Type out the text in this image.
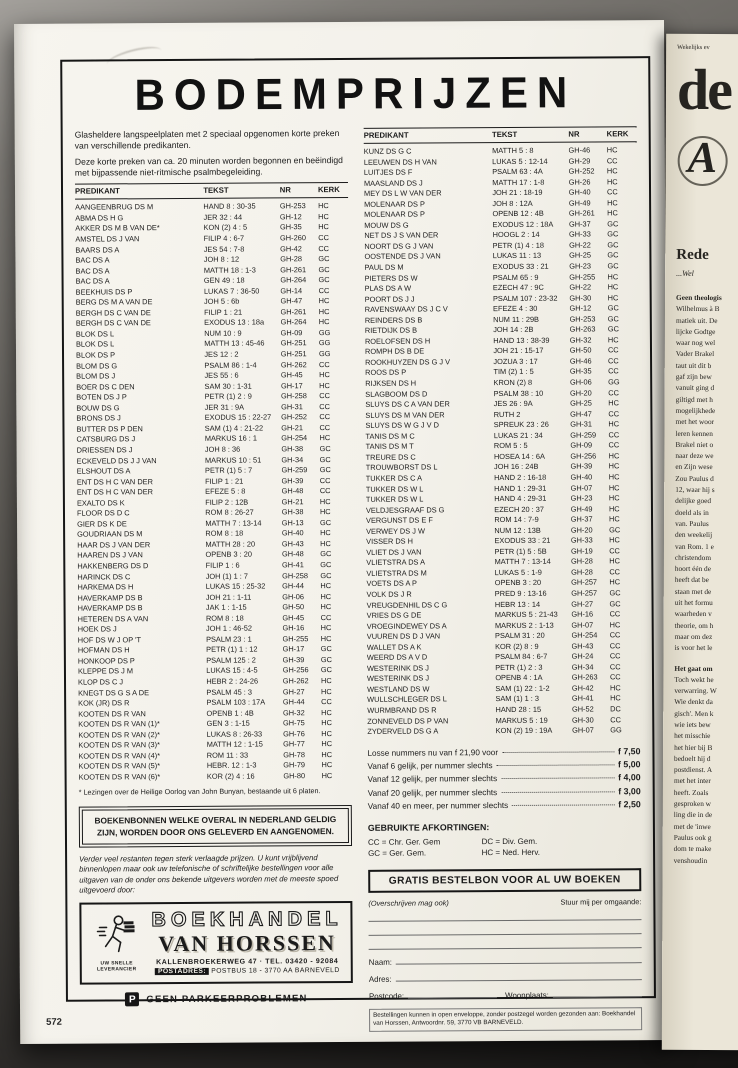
BODEMPRIJZEN

Glasheldere langspeelplaten met 2 speciaal opgenomen korte preken van verschillende predikanten.

Deze korte preken van ca. 20 minuten worden begonnen en beëindigd met bijpassende niet-ritmische psalmbegeleiding.

PREDIKANT	TEKST	NR	KERK
AANGEENBRUG DS M	HAND 8 : 30-35	GH-253	HC
ABMA DS H G	JER 32 : 44	GH-12	HC
AKKER DS M B VAN DE*	KON (2) 4 : 5	GH-35	HC
AMSTEL DS J VAN	FILIP 4 : 6-7	GH-260	CC
BAARS DS A	JES 54 : 7-8	GH-42	CC
BAC DS A	JOH 8 : 12	GH-28	GC
BAC DS A	MATTH 18 : 1-3	GH-261	GC
BAC DS A	GEN 49 : 18	GH-264	GC
BEEKHUIS DS P	LUKAS 7 : 36-50	GH-14	CC
BERG DS M A VAN DE	JOH 5 : 6b	GH-47	HC
BERGH DS C VAN DE	FILIP 1 : 21	GH-261	HC
BERGH DS C VAN DE	EXODUS 13 : 18a	GH-264	HC
BLOK DS L	NUM 10 : 9	GH-09	GG
BLOK DS L	MATTH 13 : 45-46	GH-251	GG
BLOK DS P	JES 12 : 2	GH-251	GG
BLOM DS G	PSALM 86 : 1-4	GH-262	CC
BLOM DS J	JES 55 : 6	GH-45	HC
BOER DS C DEN	SAM 30 : 1-31	GH-17	HC
BOTEN DS J P	PETR (1) 2 : 9	GH-258	CC
BOUW DS G	JER 31 : 9A	GH-31	CC
BRONS DS J	EXODUS 15 : 22-27	GH-252	CC
BUTTER DS P DEN	SAM (1) 4 : 21-22	GH-21	CC
CATSBURG DS J	MARKUS 16 : 1	GH-254	HC
DRIESSEN DS J	JOH 8 : 36	GH-38	GC
ECKEVELD DS J J VAN	MARKUS 10 : 51	GH-34	GC
ELSHOUT DS A	PETR (1) 5 : 7	GH-259	GC
ENT DS H C VAN DER	FILIP 1 : 21	GH-39	CC
ENT DS H C VAN DER	EFEZE 5 : 8	GH-48	CC
EXALTO DS K	FILIP 2 : 12B	GH-21	HC
FLOOR DS D C	ROM 8 : 26-27	GH-38	HC
GIER DS K DE	MATTH 7 : 13-14	GH-13	GC
GOUDRIAAN DS M	ROM 8 : 18	GH-40	HC
HAAR DS J VAN DER	MATTH 28 : 20	GH-43	HC
HAAREN DS J VAN	OPENB 3 : 20	GH-48	GC
HAKKENBERG DS D	FILIP 1 : 6	GH-41	GC
HARINCK DS C	JOH (1) 1 : 7	GH-258	GC
HARKEMA DS H	LUKAS 15 : 25-32	GH-44	HC
HAVERKAMP DS B	JOH 21 : 1-11	GH-06	HC
HAVERKAMP DS B	JAK 1 : 1-15	GH-50	HC
HETEREN DS A VAN	ROM 8 : 18	GH-45	CC
HOEK DS J	JOH 1 : 46-52	GH-16	HC
HOF DS W J OP 'T	PSALM 23 : 1	GH-255	HC
HOFMAN DS H	PETR (1) 1 : 12	GH-17	GC
HONKOOP DS P	PSALM 125 : 2	GH-39	GC
KLEPPE DS J M	LUKAS 15 : 4-5	GH-256	GC
KLOP DS C J	HEBR 2 : 24-26	GH-262	HC
KNEGT DS G S A DE	PSALM 45 : 3	GH-27	HC
KOK (JR) DS R	PSALM 103 : 17A	GH-44	CC
KOOTEN DS R VAN	OPENB 1 : 4B	GH-32	HC
KOOTEN DS R VAN (1)*	GEN 3 : 1-15	GH-75	HC
KOOTEN DS R VAN (2)*	LUKAS 8 : 26-33	GH-76	HC
KOOTEN DS R VAN (3)*	MATTH 12 : 1-15	GH-77	HC
KOOTEN DS R VAN (4)*	ROM 11 : 33	GH-78	HC
KOOTEN DS R VAN (5)*	HEBR. 12 : 1-3	GH-79	HC
KOOTEN DS R VAN (6)*	KOR (2) 4 : 16	GH-80	HC

* Lezingen over de Heilige Oorlog van John Bunyan, bestaande uit 6 platen.

BOEKENBONNEN WELKE OVERAL IN NEDERLAND GELDIG ZIJN, WORDEN DOOR ONS GELEVERD EN AANGENOMEN.

Verder veel restanten tegen sterk verlaagde prijzen. U kunt vrijblijvend binnenlopen maar ook uw telefonische of schriftelijke bestellingen voor alle uitgaven van de onder ons bekende uitgevers worden met de meeste spoed uitgevoerd door:

UW SNELLE
LEVERANCIER
BOEKHANDEL
VAN HORSSEN
KALLENBROEKERWEG 47 · TEL. 03420 - 92084
POSTADRES: POSTBUS 18 - 3770 AA BARNEVELD
P	GEEN PARKEERPROBLEMEN
PREDIKANT	TEKST	NR	KERK
KUNZ DS G C	MATTH 5 : 8	GH-46	HC
LEEUWEN DS H VAN	LUKAS 5 : 12-14	GH-29	CC
LUITJES DS F	PSALM 63 : 4A	GH-252	HC
MAASLAND DS J	MATTH 17 : 1-8	GH-26	HC
MEY DS L W VAN DER	JOH 21 : 18-19	GH-40	CC
MOLENAAR DS P	JOH 8 : 12A	GH-49	HC
MOLENAAR DS P	OPENB 12 : 4B	GH-261	HC
MOUW DS G	EXODUS 12 : 18A	GH-37	GC
NET DS J S VAN DER	HOOGL 2 : 14	GH-33	GC
NOORT DS G J VAN	PETR (1) 4 : 18	GH-22	GC
OOSTENDE DS J VAN	LUKAS 11 : 13	GH-25	GC
PAUL DS M	EXODUS 33 : 21	GH-23	GC
PIETERS DS W	PSALM 65 : 9	GH-255	HC
PLAS DS A W	EZECH 47 : 9C	GH-22	HC
POORT DS J J	PSALM 107 : 23-32	GH-30	HC
RAVENSWAAY DS J C V	EFEZE 4 : 30	GH-12	GC
REINDERS DS B	NUM 11 : 29B	GH-253	GC
RIETDIJK DS B	JOH 14 : 2B	GH-263	GC
ROELOFSEN DS H	HAND 13 : 38-39	GH-32	HC
ROMPH DS B DE	JOH 21 : 15-17	GH-50	CC
ROOKHUYZEN DS G J V	JOZUA 3 : 17	GH-46	CC
ROOS DS P	TIM (2) 1 : 5	GH-35	CC
RIJKSEN DS H	KRON (2) 8	GH-06	GG
SLAGBOOM DS D	PSALM 38 : 10	GH-20	CC
SLUYS DS C A VAN DER	JES 26 : 9A	GH-25	HC
SLUYS DS M VAN DER	RUTH 2	GH-47	CC
SLUYS DS W G J V D	SPREUK 23 : 26	GH-31	HC
TANIS DS M C	LUKAS 21 : 34	GH-259	CC
TANIS DS M T	ROM 5 : 5	GH-09	CC
TREURE DS C	HOSEA 14 : 6A	GH-256	HC
TROUWBORST DS L	JOH 16 : 24B	GH-39	HC
TUKKER DS C A	HAND 2 : 16-18	GH-40	HC
TUKKER DS W L	HAND 1 : 29-31	GH-07	HC
TUKKER DS W L	HAND 4 : 29-31	GH-23	HC
VELDJESGRAAF DS G	EZECH 20 : 37	GH-49	HC
VERGUNST DS E F	ROM 14 : 7-9	GH-37	HC
VERWEY DS J W	NUM 12 : 13B	GH-20	GC
VISSER DS H	EXODUS 33 : 21	GH-33	HC
VLIET DS J VAN	PETR (1) 5 : 5B	GH-19	CC
VLIETSTRA DS A	MATTH 7 : 13-14	GH-28	HC
VLIETSTRA DS M	LUKAS 5 : 1-9	GH-28	CC
VOETS DS A P	OPENB 3 : 20	GH-257	HC
VOLK DS J R	PRED 9 : 13-16	GH-257	GC
VREUGDENHIL DS C G	HEBR 13 : 14	GH-27	GC
VRIES DS G DE	MARKUS 5 : 21-43	GH-16	CC
VROEGINDEWEY DS A	MARKUS 2 : 1-13	GH-07	HC
VUUREN DS D J VAN	PSALM 31 : 20	GH-254	CC
WALLET DS A K	KOR (2) 8 : 9	GH-43	CC
WEERD DS A V D	PSALM 84 : 6-7	GH-24	CC
WESTERINK DS J	PETR (1) 2 : 3	GH-34	CC
WESTERINK DS J	OPENB 4 : 1A	GH-263	CC
WESTLAND DS W	SAM (1) 22 : 1-2	GH-42	HC
WULLSCHLEGER DS L	SAM (1) 1 : 3	GH-41	HC
WURMBRAND DS R	HAND 28 : 15	GH-52	DC
ZONNEVELD DS P VAN	MARKUS 5 : 19	GH-30	CC
ZYDERVELD DS G A	KON (2) 19 : 19A	GH-07	GG
Losse nummers nu van f 21,90 voor	f 7,50
Vanaf 6 gelijk, per nummer slechts	f 5,00
Vanaf 12 gelijk, per nummer slechts	f 4,00
Vanaf 20 gelijk, per nummer slechts	f 3,00
Vanaf 40 en meer, per nummer slechts	f 2,50
GEBRUIKTE AFKORTINGEN:
CC = Chr. Ger. Gem	DC = Div. Gem.
GC = Ger. Gem.	HC = Ned. Herv.
GRATIS BESTELBON VOOR AL UW BOEKEN
(Overschrijven mag ook)	Stuur mij per omgaande:
Naam:
Adres:
Postcode:	Woonplaats:
Bestellingen kunnen in open enveloppe, zonder postzegel worden gezonden aan: Boekhandel van Horssen, Antwoordnr. 59, 3770 VB BARNEVELD.
572
Wekelijks ev
de
A
Rede
...Wel
Geen theologis
Wilhelmus à B
matiek uit. De
lijcke Godtge
waar nog wel
Vader Brakel
taut uit dit b
gaf zijn bew
vanuit ging d
giltigd met h
mogelijkhede
met het woor
leren kennen
Brakel niet o
naar deze we
en Zijn wese
Zou Paulus d
12, waar hij s
delijke goed
doeld als in
van. Paulus
den weekelij
van Rom. 1 e
christendom
hoort één de
heeft dat be
staan met de
uit het formu
waarheden v
theorie, om h
maar om dez
is voor het le
Het gaat om
Toch wekt he
verwarring. W
Wie denkt da
gisch'. Men k
wie iets bew
het misschie
het hier bij B
bedoelt hij d
postdienst. A
met het inter
heeft. Zoals
gesproken w
ling die in de
met de 'inwe
Paulus ook g
dom te make
venshoudin
